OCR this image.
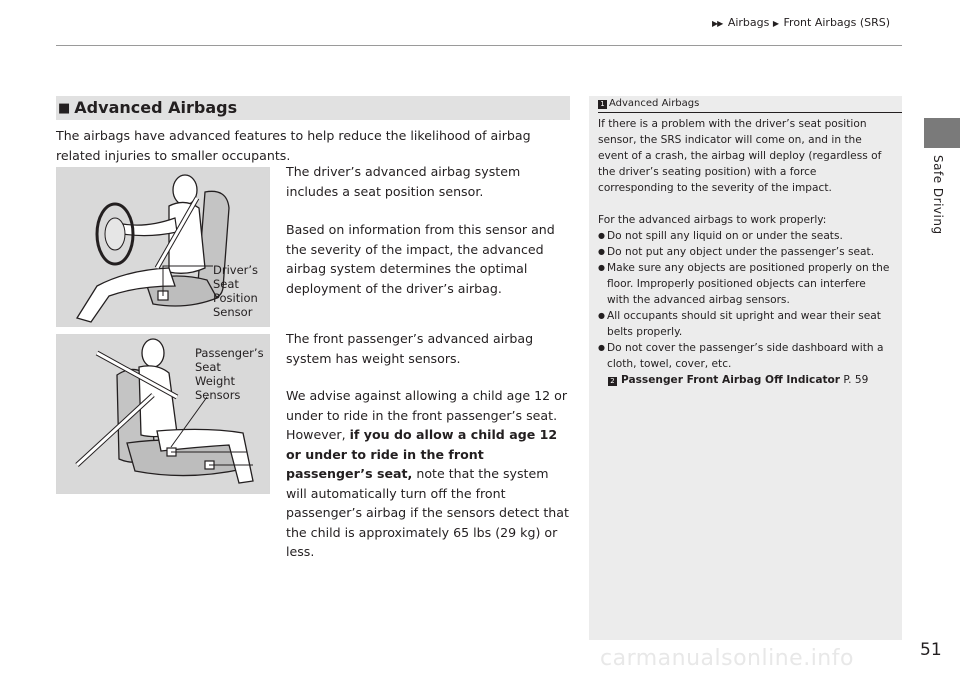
▶▶ Airbags ▶ Front Airbags (SRS)
Safe Driving
■ Advanced Airbags
The airbags have advanced features to help reduce the likelihood of airbag related injuries to smaller occupants.
Driver’s
Seat
Position
Sensor
Passenger’s
Seat
Weight
Sensors
The driver’s advanced airbag system includes a seat position sensor.
Based on information from this sensor and the severity of the impact, the advanced airbag system determines the optimal deployment of the driver’s airbag.
The front passenger’s advanced airbag system has weight sensors.

We advise against allowing a child age 12 or under to ride in the front passenger’s seat. However, if you do allow a child age 12 or under to ride in the front passenger’s seat, note that the system will automatically turn off the front passenger’s airbag if the sensors detect that the child is approximately 65 lbs (29 kg) or less.

1 Advanced Airbags

If there is a problem with the driver’s seat position sensor, the SRS indicator will come on, and in the event of a crash, the airbag will deploy (regardless of the driver’s seating position) with a force corresponding to the severity of the impact.

For the advanced airbags to work properly:

● Do not spill any liquid on or under the seats.
● Do not put any object under the passenger’s seat.
● Make sure any objects are positioned properly on the floor. Improperly positioned objects can interfere with the advanced airbag sensors.
● All occupants should sit upright and wear their seat belts properly.
● Do not cover the passenger’s side dashboard with a cloth, towel, cover, etc.
2 Passenger Front Airbag Off Indicator P. 59
carmanualsonline.info	51
